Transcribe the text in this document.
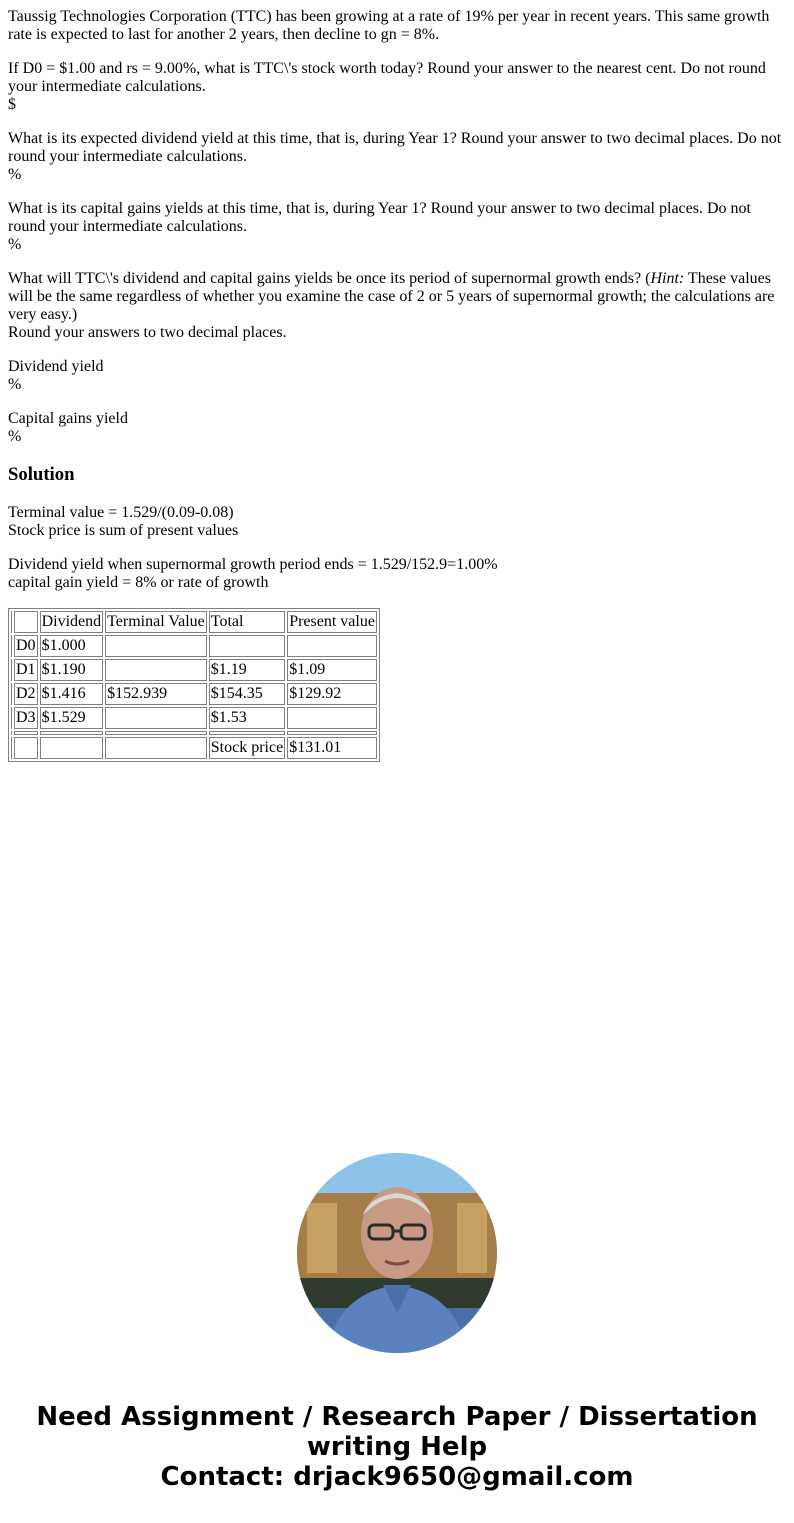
Taussig Technologies Corporation (TTC) has been growing at a rate of 19% per year in recent years. This same growth rate is expected to last for another 2 years, then decline to gn = 8%.

If D0 = $1.00 and rs = 9.00%, what is TTC\'s stock worth today? Round your answer to the nearest cent. Do not round your intermediate calculations.
$

What is its expected dividend yield at this time, that is, during Year 1? Round your answer to two decimal places. Do not round your intermediate calculations.
%

What is its capital gains yields at this time, that is, during Year 1? Round your answer to two decimal places. Do not round your intermediate calculations.
%

What will TTC\'s dividend and capital gains yields be once its period of supernormal growth ends? (Hint: These values will be the same regardless of whether you examine the case of 2 or 5 years of supernormal growth; the calculations are very easy.)
Round your answers to two decimal places.

Dividend yield
%

Capital gains yield
%

Solution

Terminal value = 1.529/(0.09-0.08)
Stock price is sum of present values

Dividend yield when supernormal growth period ends = 1.529/152.9=1.00%
capital gain yield = 8% or rate of growth

		Dividend	Terminal Value	Total	Present value
	D0	$1.000			
	D1	$1.190		$1.19	$1.09
	D2	$1.416	$152.939	$154.35	$129.92
	D3	$1.529		$1.53	

				Stock price	$131.01
Need Assignment / Research Paper / Dissertation
writing Help
Contact: drjack9650@gmail.com
